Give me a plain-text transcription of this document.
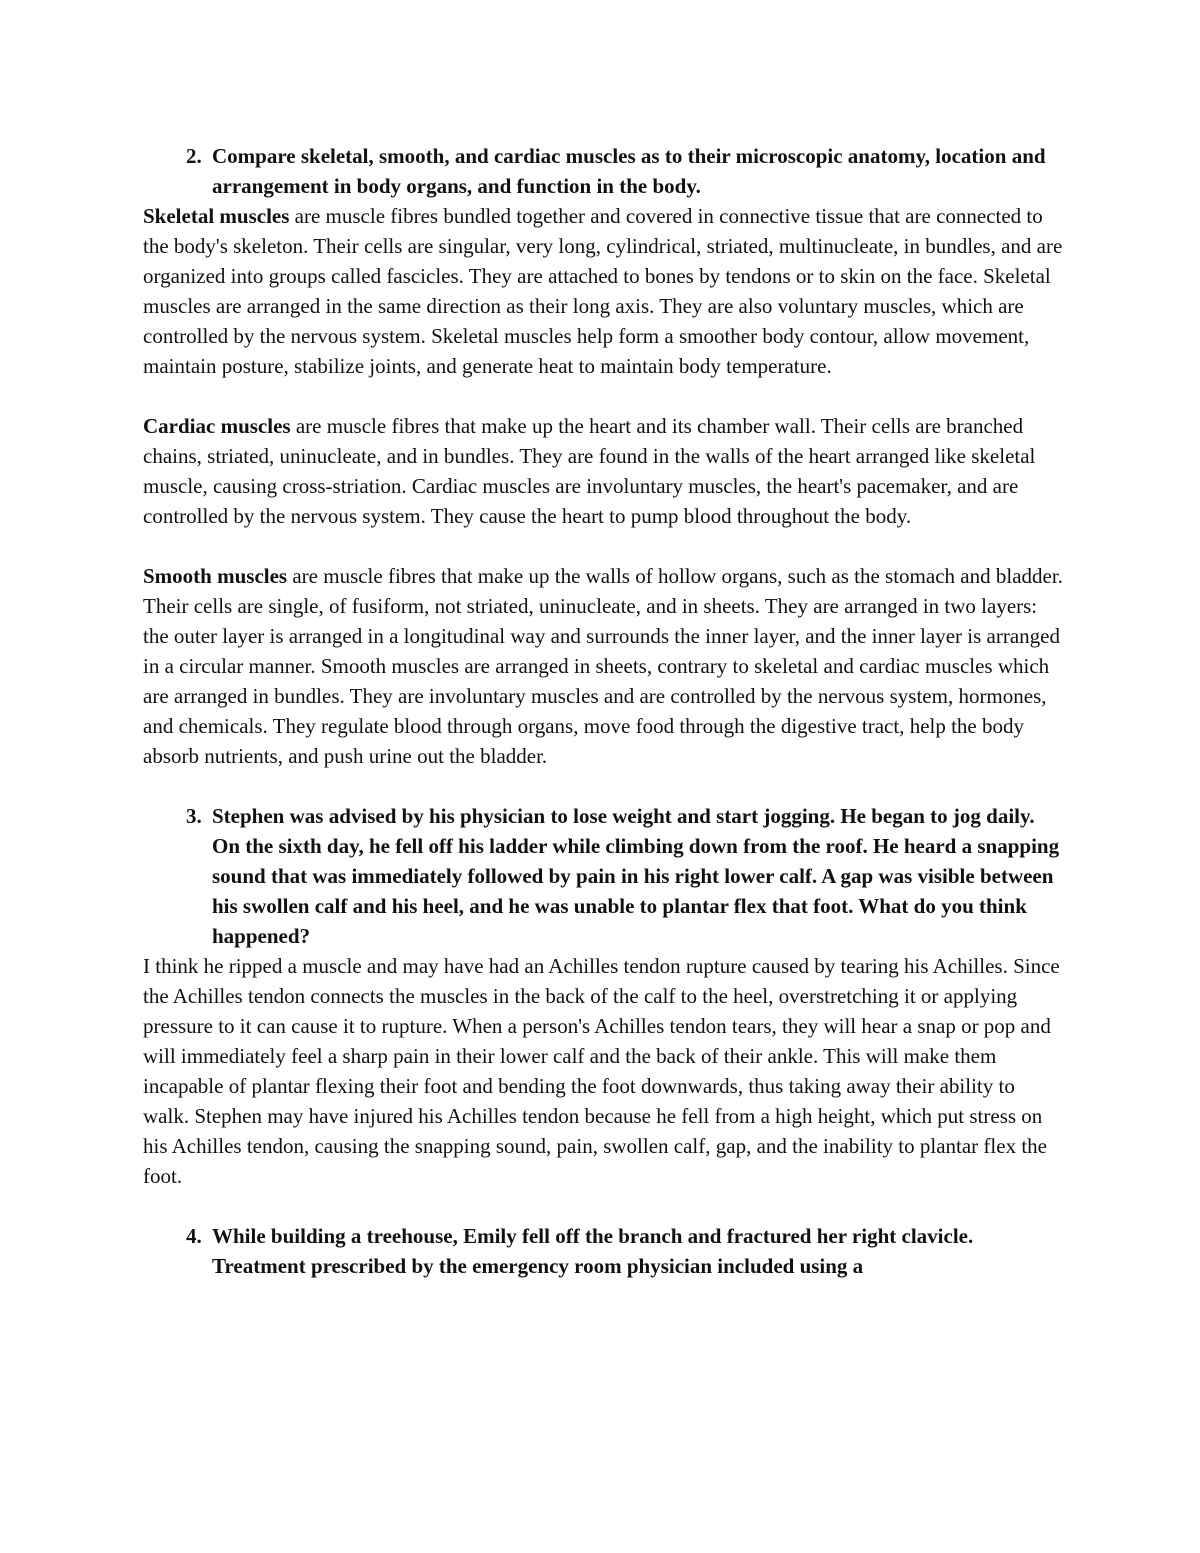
2. Compare skeletal, smooth, and cardiac muscles as to their microscopic anatomy, location and arrangement in body organs, and function in the body.

Skeletal muscles are muscle fibres bundled together and covered in connective tissue that are connected to the body's skeleton. Their cells are singular, very long, cylindrical, striated, multinucleate, in bundles, and are organized into groups called fascicles. They are attached to bones by tendons or to skin on the face. Skeletal muscles are arranged in the same direction as their long axis. They are also voluntary muscles, which are controlled by the nervous system. Skeletal muscles help form a smoother body contour, allow movement, maintain posture, stabilize joints, and generate heat to maintain body temperature.

Cardiac muscles are muscle fibres that make up the heart and its chamber wall. Their cells are branched chains, striated, uninucleate, and in bundles. They are found in the walls of the heart arranged like skeletal muscle, causing cross-striation. Cardiac muscles are involuntary muscles, the heart's pacemaker, and are controlled by the nervous system. They cause the heart to pump blood throughout the body.

Smooth muscles are muscle fibres that make up the walls of hollow organs, such as the stomach and bladder. Their cells are single, of fusiform, not striated, uninucleate, and in sheets. They are arranged in two layers: the outer layer is arranged in a longitudinal way and surrounds the inner layer, and the inner layer is arranged in a circular manner. Smooth muscles are arranged in sheets, contrary to skeletal and cardiac muscles which are arranged in bundles. They are involuntary muscles and are controlled by the nervous system, hormones, and chemicals. They regulate blood through organs, move food through the digestive tract, help the body absorb nutrients, and push urine out the bladder.

3. Stephen was advised by his physician to lose weight and start jogging. He began to jog daily. On the sixth day, he fell off his ladder while climbing down from the roof. He heard a snapping sound that was immediately followed by pain in his right lower calf. A gap was visible between his swollen calf and his heel, and he was unable to plantar flex that foot. What do you think happened?

I think he ripped a muscle and may have had an Achilles tendon rupture caused by tearing his Achilles. Since the Achilles tendon connects the muscles in the back of the calf to the heel, overstretching it or applying pressure to it can cause it to rupture. When a person's Achilles tendon tears, they will hear a snap or pop and will immediately feel a sharp pain in their lower calf and the back of their ankle. This will make them incapable of plantar flexing their foot and bending the foot downwards, thus taking away their ability to walk. Stephen may have injured his Achilles tendon because he fell from a high height, which put stress on his Achilles tendon, causing the snapping sound, pain, swollen calf, gap, and the inability to plantar flex the foot.

4. While building a treehouse, Emily fell off the branch and fractured her right clavicle. Treatment prescribed by the emergency room physician included using a
